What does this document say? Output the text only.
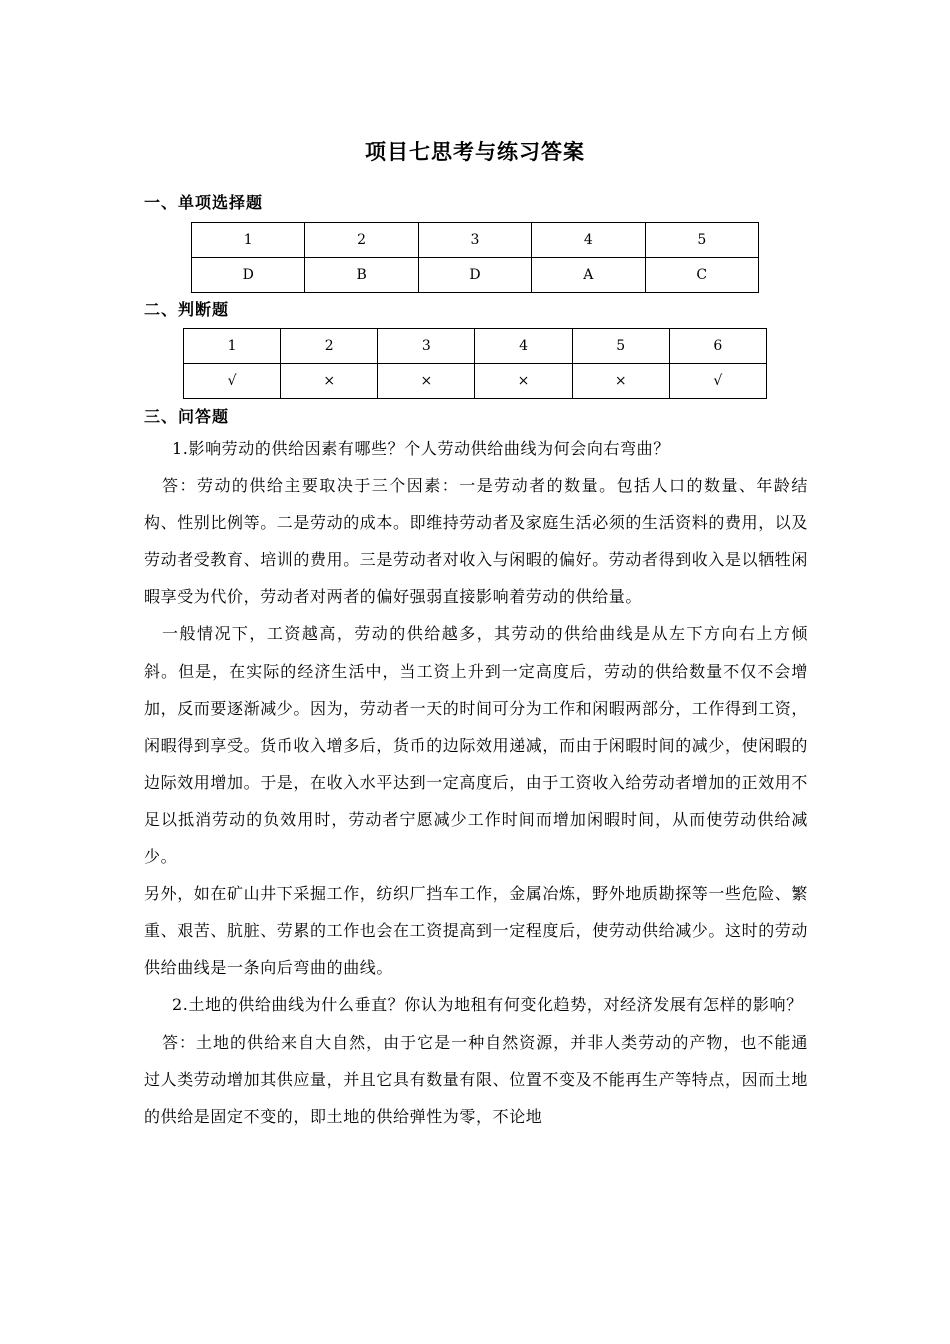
项目七思考与练习答案
一、单项选择题
1	2	3	4	5
D	B	D	A	C
二、判断题
1	2	3	4	5	6
√	×	×	×	×	√
三、问答题

1.影响劳动的供给因素有哪些？个人劳动供给曲线为何会向右弯曲？

答：劳动的供给主要取决于三个因素：一是劳动者的数量。包括人口的数量、年龄结构、性别比例等。二是劳动的成本。即维持劳动者及家庭生活必须的生活资料的费用，以及劳动者受教育、培训的费用。三是劳动者对收入与闲暇的偏好。劳动者得到收入是以牺牲闲暇享受为代价，劳动者对两者的偏好强弱直接影响着劳动的供给量。

一般情况下，工资越高，劳动的供给越多，其劳动的供给曲线是从左下方向右上方倾斜。但是，在实际的经济生活中，当工资上升到一定高度后，劳动的供给数量不仅不会增加，反而要逐渐减少。因为，劳动者一天的时间可分为工作和闲暇两部分，工作得到工资，闲暇得到享受。货币收入增多后，货币的边际效用递减，而由于闲暇时间的减少，使闲暇的边际效用增加。于是，在收入水平达到一定高度后，由于工资收入给劳动者增加的正效用不足以抵消劳动的负效用时，劳动者宁愿减少工作时间而增加闲暇时间，从而使劳动供给减少。

另外，如在矿山井下采掘工作，纺织厂挡车工作，金属冶炼，野外地质勘探等一些危险、繁重、艰苦、肮脏、劳累的工作也会在工资提高到一定程度后，使劳动供给减少。这时的劳动供给曲线是一条向后弯曲的曲线。

2.土地的供给曲线为什么垂直？你认为地租有何变化趋势，对经济发展有怎样的影响？

答：土地的供给来自大自然，由于它是一种自然资源，并非人类劳动的产物，也不能通过人类劳动增加其供应量，并且它具有数量有限、位置不变及不能再生产等特点，因而土地的供给是固定不变的，即土地的供给弹性为零，不论地
